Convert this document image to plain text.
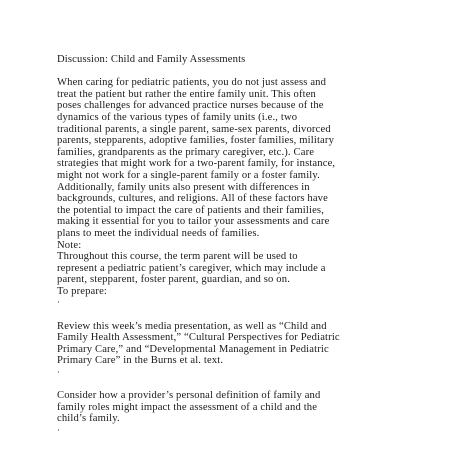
Discussion: Child and Family Assessments
When caring for pediatric patients, you do not just assess and
treat the patient but rather the entire family unit. This often
poses challenges for advanced practice nurses because of the
dynamics of the various types of family units (i.e., two
traditional parents, a single parent, same-sex parents, divorced
parents, stepparents, adoptive families, foster families, military
families, grandparents as the primary caregiver, etc.). Care
strategies that might work for a two-parent family, for instance,
might not work for a single-parent family or a foster family.
Additionally, family units also present with differences in
backgrounds, cultures, and religions. All of these factors have
the potential to impact the care of patients and their families,
making it essential for you to tailor your assessments and care
plans to meet the individual needs of families.
Note:
Throughout this course, the term parent will be used to
represent a pediatric patient’s caregiver, which may include a
parent, stepparent, foster parent, guardian, and so on.
To prepare:
·
Review this week’s media presentation, as well as “Child and
Family Health Assessment,” “Cultural Perspectives for Pediatric
Primary Care,” and “Developmental Management in Pediatric
Primary Care” in the Burns et al. text.
·
Consider how a provider’s personal definition of family and
family roles might impact the assessment of a child and the
child’s family.
·
